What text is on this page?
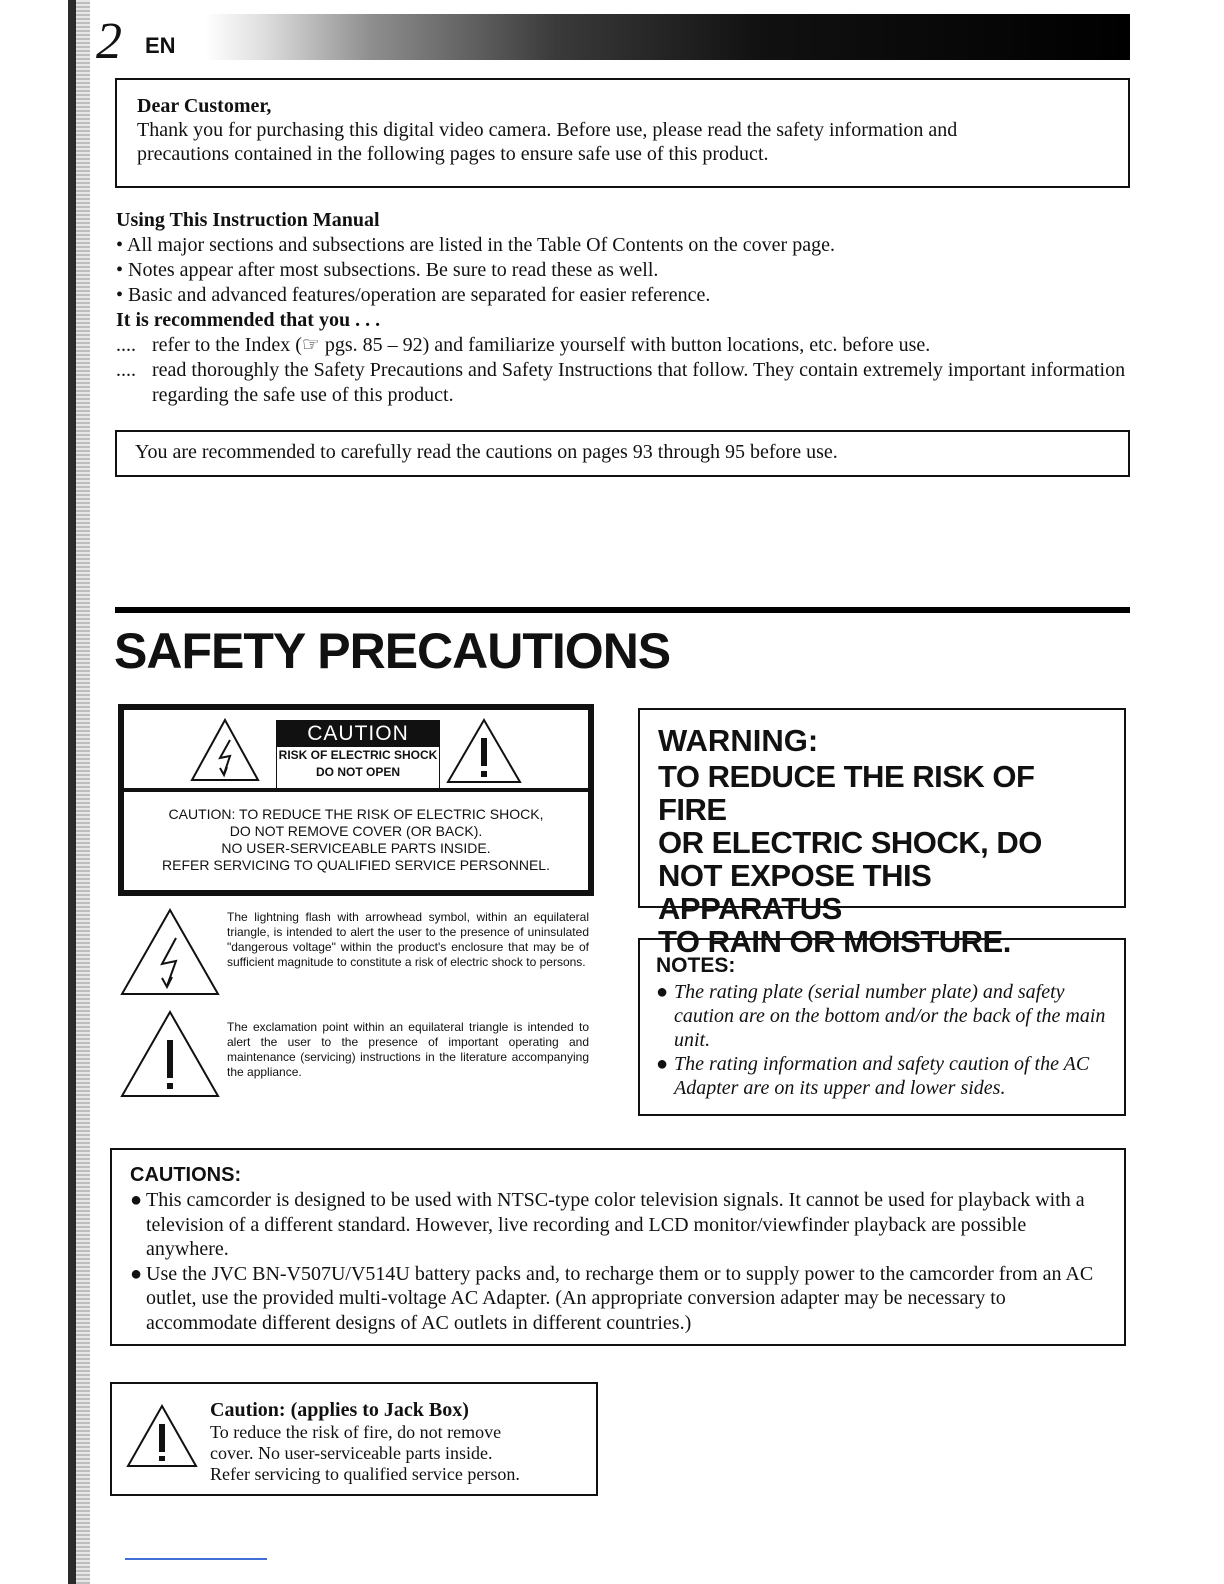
2 EN
Dear Customer,
Thank you for purchasing this digital video camera. Before use, please read the safety information and
precautions contained in the following pages to ensure safe use of this product.
Using This Instruction Manual
• All major sections and subsections are listed in the Table Of Contents on the cover page.
• Notes appear after most subsections. Be sure to read these as well.
• Basic and advanced features/operation are separated for easier reference.
It is recommended that you . . .
.... refer to the Index (☞ pgs. 85 – 92) and familiarize yourself with button locations, etc. before use.
.... read thoroughly the Safety Precautions and Safety Instructions that follow. They contain extremely important information regarding the safe use of this product.
You are recommended to carefully read the cautions on pages 93 through 95 before use.
SAFETY PRECAUTIONS
CAUTION
RISK OF ELECTRIC SHOCK
DO NOT OPEN
CAUTION: TO REDUCE THE RISK OF ELECTRIC SHOCK,
DO NOT REMOVE COVER (OR BACK).
NO USER-SERVICEABLE PARTS INSIDE.
REFER SERVICING TO QUALIFIED SERVICE PERSONNEL.
The lightning flash with arrowhead symbol, within an equilateral triangle, is intended to alert the user to the presence of uninsulated "dangerous voltage" within the product's enclosure that may be of sufficient magnitude to constitute a risk of electric shock to persons.
The exclamation point within an equilateral triangle is intended to alert the user to the presence of important operating and maintenance (servicing) instructions in the literature accompanying the appliance.
WARNING:
TO REDUCE THE RISK OF FIRE
OR ELECTRIC SHOCK, DO
NOT EXPOSE THIS APPARATUS
TO RAIN OR MOISTURE.
NOTES:
● The rating plate (serial number plate) and safety caution are on the bottom and/or the back of the main unit.
● The rating information and safety caution of the AC Adapter are on its upper and lower sides.
CAUTIONS:
● This camcorder is designed to be used with NTSC-type color television signals. It cannot be used for playback with a television of a different standard. However, live recording and LCD monitor/viewfinder playback are possible anywhere.
● Use the JVC BN-V507U/V514U battery packs and, to recharge them or to supply power to the camcorder from an AC outlet, use the provided multi-voltage AC Adapter. (An appropriate conversion adapter may be necessary to accommodate different designs of AC outlets in different countries.)
Caution: (applies to Jack Box)
To reduce the risk of fire, do not remove
cover. No user-serviceable parts inside.
Refer servicing to qualified service person.
